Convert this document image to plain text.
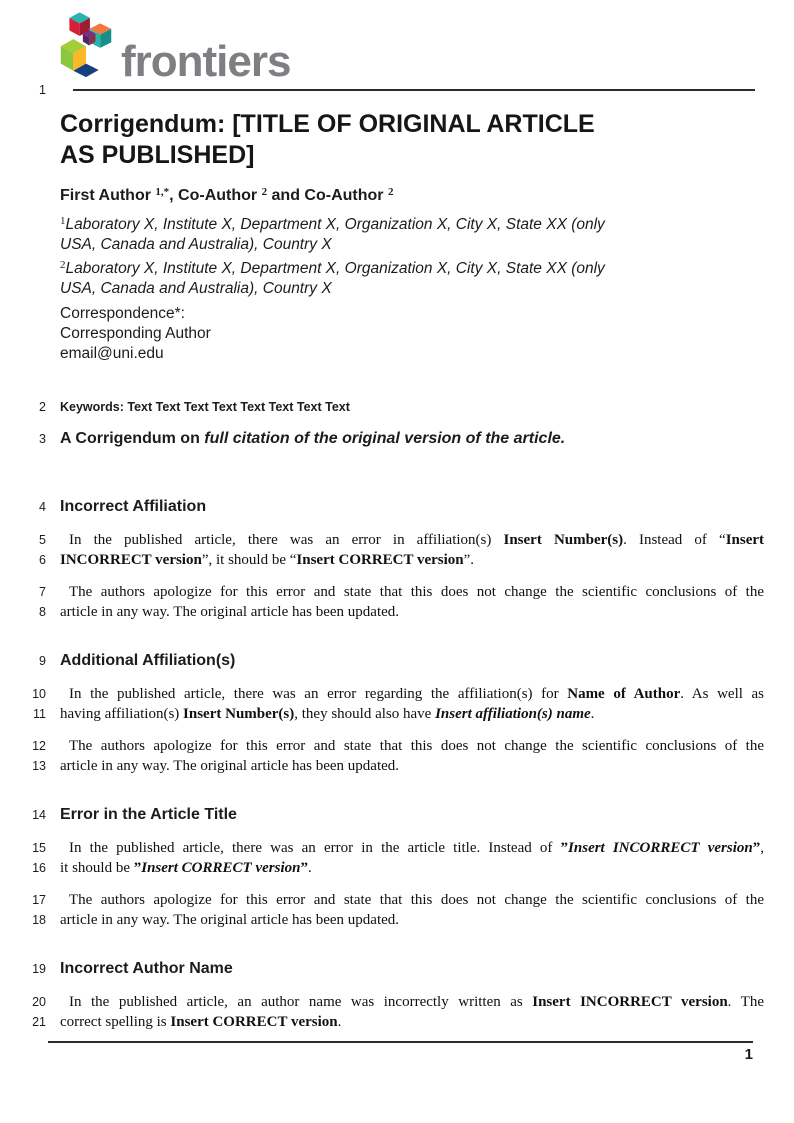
frontiers
1
Corrigendum: [TITLE OF ORIGINAL ARTICLE
AS PUBLISHED]
First Author $^{1,*}$, Co-Author $^2$ and Co-Author $^2$
$^1$Laboratory X, Institute X, Department X, Organization X, City X, State XX (only
USA, Canada and Australia), Country X
$^2$Laboratory X, Institute X, Department X, Organization X, City X, State XX (only
USA, Canada and Australia), Country X
Correspondence*:
Corresponding Author
email@uni.edu
2 Keywords: Text Text Text Text Text Text Text Text
3 A Corrigendum on full citation of the original version of the article.
4 Incorrect Affiliation
5	In the published article, there was an error in affiliation(s) Insert Number(s). Instead of “Insert
6 INCORRECT version”, it should be “Insert CORRECT version”.
7	The authors apologize for this error and state that this does not change the scientific conclusions of the
8 article in any way. The original article has been updated.
9 Additional Affiliation(s)
10	In the published article, there was an error regarding the affiliation(s) for Name of Author. As well as
11 having affiliation(s) Insert Number(s), they should also have Insert affiliation(s) name.
12	The authors apologize for this error and state that this does not change the scientific conclusions of the
13 article in any way. The original article has been updated.
14 Error in the Article Title
15	In the published article, there was an error in the article title. Instead of ”Insert INCORRECT version”,
16 it should be ”Insert CORRECT version”.
17	The authors apologize for this error and state that this does not change the scientific conclusions of the
18 article in any way. The original article has been updated.
19 Incorrect Author Name
20	In the published article, an author name was incorrectly written as Insert INCORRECT version. The
21 correct spelling is Insert CORRECT version.
1
